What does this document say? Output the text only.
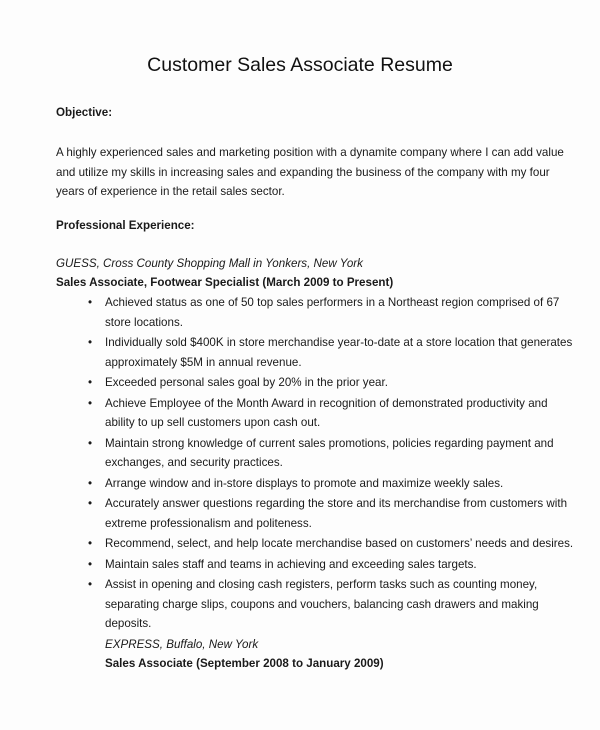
Customer Sales Associate Resume
Objective:
A highly experienced sales and marketing position with a dynamite company where I can add value
and utilize my skills in increasing sales and expanding the business of the company with my four
years of experience in the retail sales sector.
Professional Experience:
GUESS, Cross County Shopping Mall in Yonkers, New York
Sales Associate, Footwear Specialist (March 2009 to Present)
• Achieved status as one of 50 top sales performers in a Northeast region comprised of 67
store locations.
• Individually sold $400K in store merchandise year-to-date at a store location that generates
approximately $5M in annual revenue.
• Exceeded personal sales goal by 20% in the prior year.
• Achieve Employee of the Month Award in recognition of demonstrated productivity and
ability to up sell customers upon cash out.
• Maintain strong knowledge of current sales promotions, policies regarding payment and
exchanges, and security practices.
• Arrange window and in-store displays to promote and maximize weekly sales.
• Accurately answer questions regarding the store and its merchandise from customers with
extreme professionalism and politeness.
• Recommend, select, and help locate merchandise based on customers’ needs and desires.
• Maintain sales staff and teams in achieving and exceeding sales targets.
• Assist in opening and closing cash registers, perform tasks such as counting money,
separating charge slips, coupons and vouchers, balancing cash drawers and making
deposits.
EXPRESS, Buffalo, New York
Sales Associate (September 2008 to January 2009)
